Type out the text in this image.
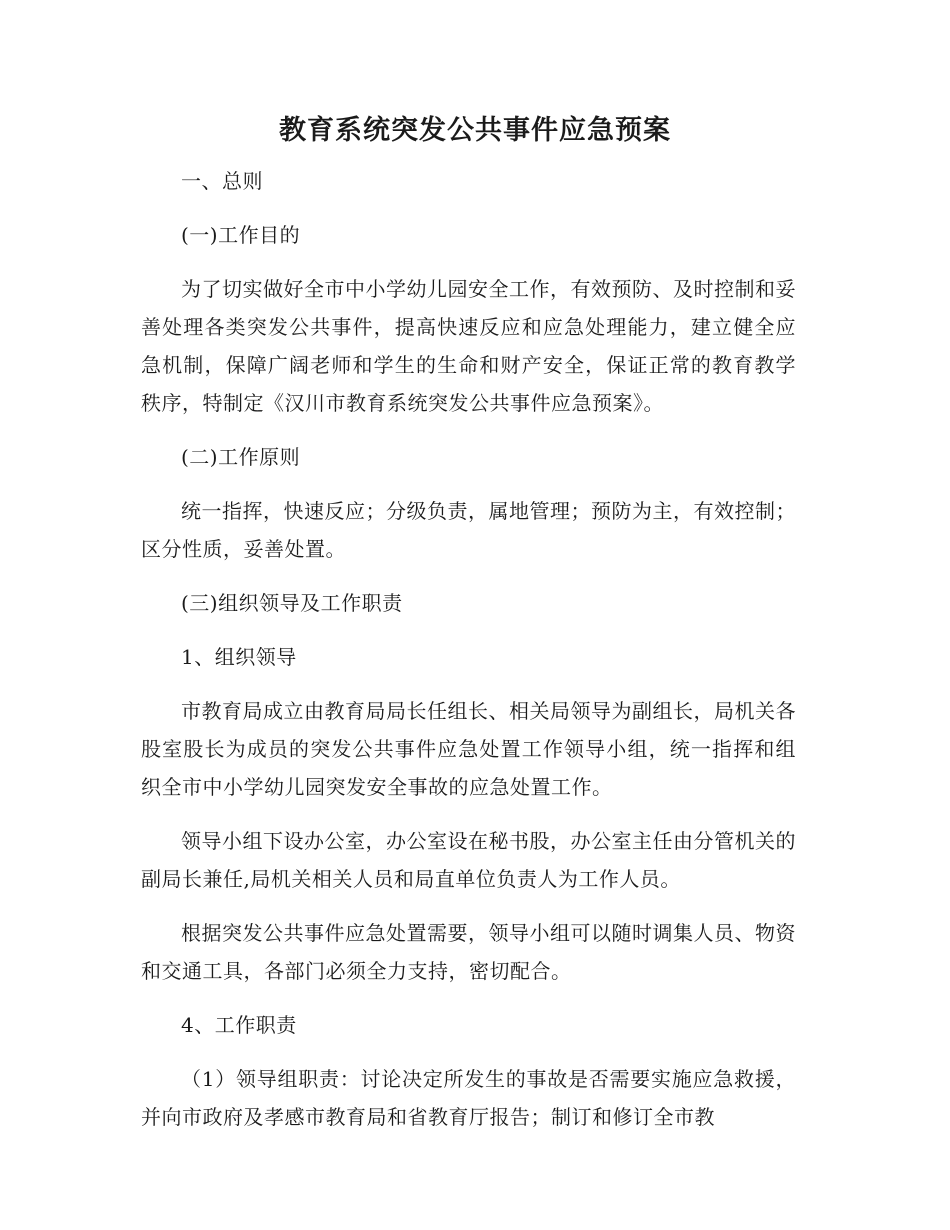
教育系统突发公共事件应急预案

一、总则

(一)工作目的

为了切实做好全市中小学幼儿园安全工作，有效预防、及时控制和妥善处理各类突发公共事件，提高快速反应和应急处理能力，建立健全应急机制，保障广阔老师和学生的生命和财产安全，保证正常的教育教学秩序，特制定《汉川市教育系统突发公共事件应急预案》。

(二)工作原则

统一指挥，快速反应；分级负责，属地管理；预防为主，有效控制；区分性质，妥善处置。

(三)组织领导及工作职责

1、组织领导

市教育局成立由教育局局长任组长、相关局领导为副组长，局机关各股室股长为成员的突发公共事件应急处置工作领导小组，统一指挥和组织全市中小学幼儿园突发安全事故的应急处置工作。

领导小组下设办公室，办公室设在秘书股，办公室主任由分管机关的副局长兼任,局机关相关人员和局直单位负责人为工作人员。

根据突发公共事件应急处置需要，领导小组可以随时调集人员、物资和交通工具，各部门必须全力支持，密切配合。

4、工作职责

（1）领导组职责：讨论决定所发生的事故是否需要实施应急救援，并向市政府及孝感市教育局和省教育厅报告；制订和修订全市教
